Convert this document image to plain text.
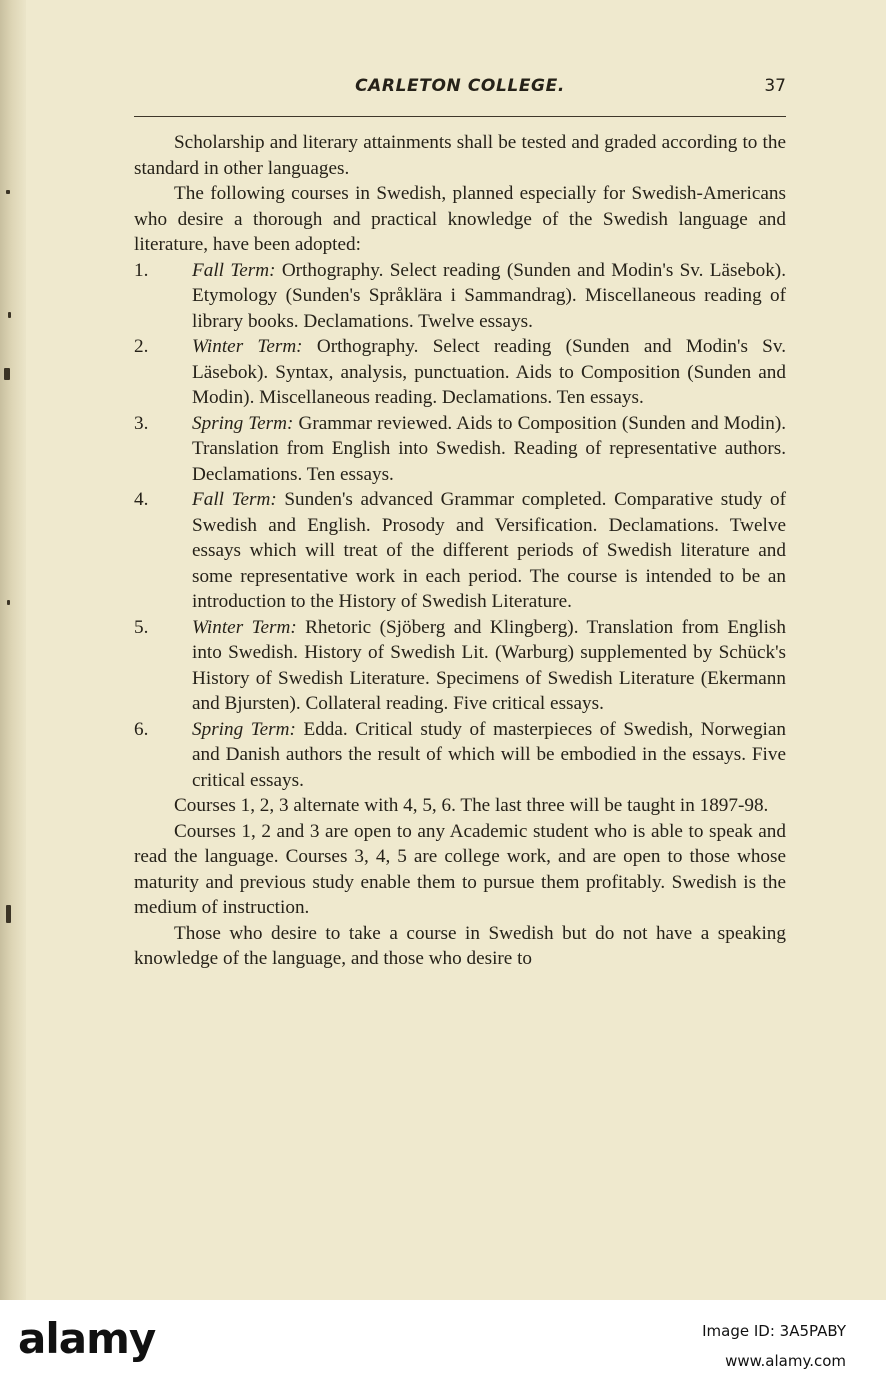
CARLETON COLLEGE.	37

Scholarship and literary attainments shall be tested and graded according to the standard in other languages.

The following courses in Swedish, planned especially for Swedish-Americans who desire a thorough and practical knowledge of the Swedish language and literature, have been adopted:

1. Fall Term: Orthography. Select reading (Sunden and Modin's Sv. Läsebok). Etymology (Sunden's Språklära i Sammandrag). Miscellaneous reading of library books. Declamations. Twelve essays.
2. Winter Term: Orthography. Select reading (Sunden and Modin's Sv. Läsebok). Syntax, analysis, punctuation. Aids to Composition (Sunden and Modin). Miscellaneous reading. Declamations. Ten essays.
3. Spring Term: Grammar reviewed. Aids to Composition (Sunden and Modin). Translation from English into Swedish. Reading of representative authors. Declamations. Ten essays.
4. Fall Term: Sunden's advanced Grammar completed. Comparative study of Swedish and English. Prosody and Versification. Declamations. Twelve essays which will treat of the different periods of Swedish literature and some representative work in each period. The course is intended to be an introduction to the History of Swedish Literature.
5. Winter Term: Rhetoric (Sjöberg and Klingberg). Translation from English into Swedish. History of Swedish Lit. (Warburg) supplemented by Schück's History of Swedish Literature. Specimens of Swedish Literature (Ekermann and Bjursten). Collateral reading. Five critical essays.
6. Spring Term: Edda. Critical study of masterpieces of Swedish, Norwegian and Danish authors the result of which will be embodied in the essays. Five critical essays.

Courses 1, 2, 3 alternate with 4, 5, 6. The last three will be taught in 1897-98.

Courses 1, 2 and 3 are open to any Academic student who is able to speak and read the language. Courses 3, 4, 5 are college work, and are open to those whose maturity and previous study enable them to pursue them profitably. Swedish is the medium of instruction.

Those who desire to take a course in Swedish but do not have a speaking knowledge of the language, and those who desire to

alamy	Image ID: 3A5PABY
www.alamy.com
